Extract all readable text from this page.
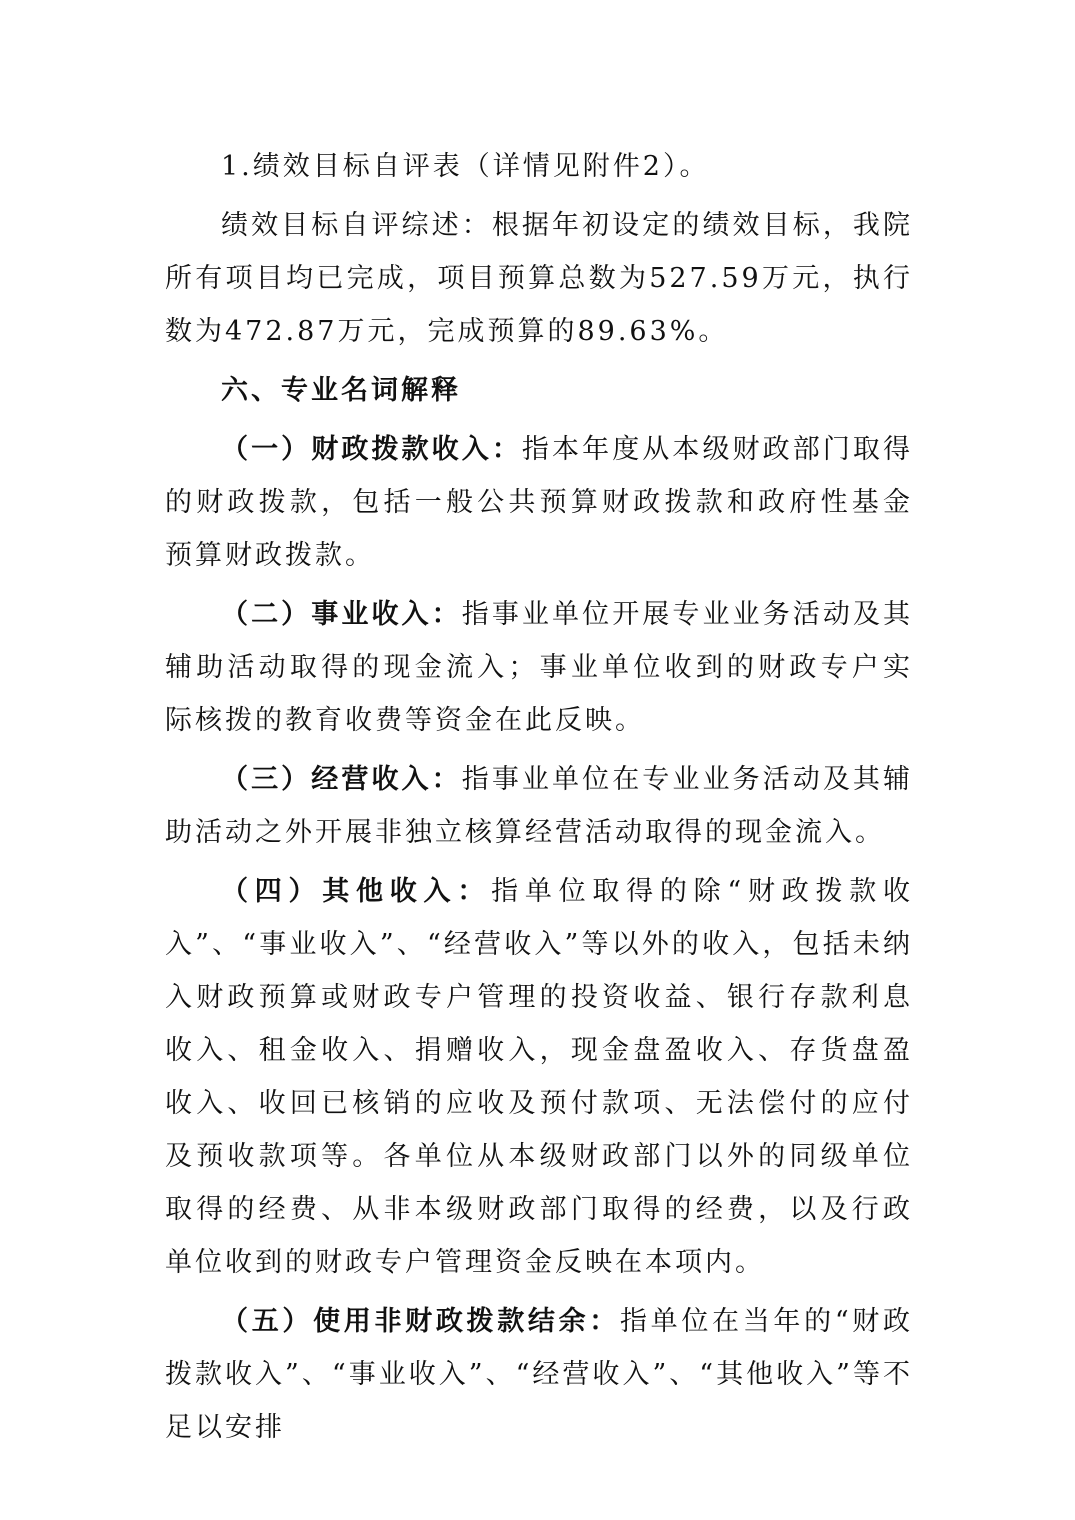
1.绩效目标自评表（详情见附件2）。

绩效目标自评综述：根据年初设定的绩效目标，我院所有项目均已完成，项目预算总数为527.59万元，执行数为472.87万元，完成预算的89.63%。

六、专业名词解释

（一）财政拨款收入：指本年度从本级财政部门取得的财政拨款，包括一般公共预算财政拨款和政府性基金预算财政拨款。

（二）事业收入：指事业单位开展专业业务活动及其辅助活动取得的现金流入；事业单位收到的财政专户实际核拨的教育收费等资金在此反映。

（三）经营收入：指事业单位在专业业务活动及其辅助活动之外开展非独立核算经营活动取得的现金流入。

（四）其他收入：指单位取得的除“财政拨款收入”、“事业收入”、“经营收入”等以外的收入，包括未纳入财政预算或财政专户管理的投资收益、银行存款利息收入、租金收入、捐赠收入，现金盘盈收入、存货盘盈收入、收回已核销的应收及预付款项、无法偿付的应付及预收款项等。各单位从本级财政部门以外的同级单位取得的经费、从非本级财政部门取得的经费，以及行政单位收到的财政专户管理资金反映在本项内。

（五）使用非财政拨款结余：指单位在当年的“财政拨款收入”、“事业收入”、“经营收入”、“其他收入”等不足以安排
